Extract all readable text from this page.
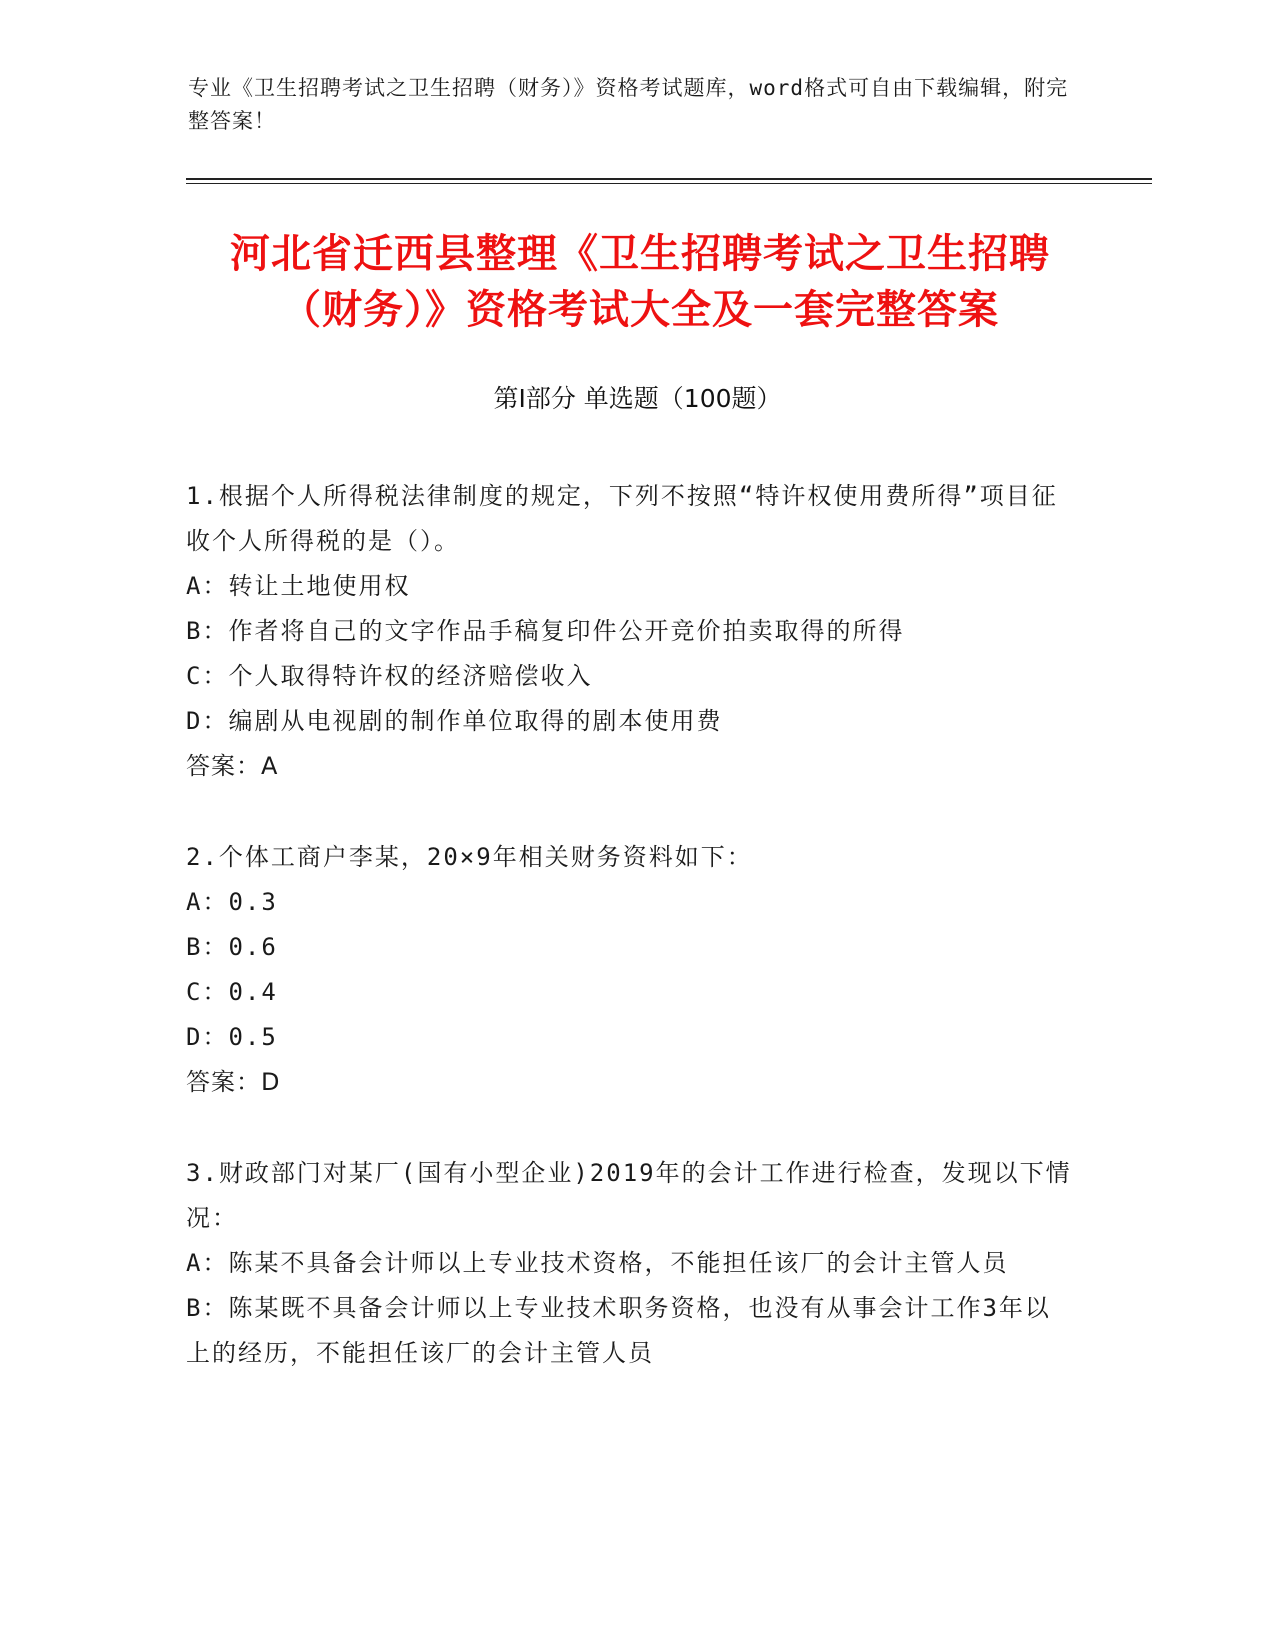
专业《卫生招聘考试之卫生招聘（财务）》资格考试题库，word格式可自由下载编辑，附完整答案！
河北省迁西县整理《卫生招聘考试之卫生招聘（财务）》资格考试大全及一套完整答案
第Ⅰ部分 单选题（100题）
1.根据个人所得税法律制度的规定，下列不按照“特许权使用费所得”项目征收个人所得税的是（）。
A：转让土地使用权
B：作者将自己的文字作品手稿复印件公开竞价拍卖取得的所得
C：个人取得特许权的经济赔偿收入
D：编剧从电视剧的制作单位取得的剧本使用费
答案：A
2.个体工商户李某，20×9年相关财务资料如下：
A：0.3
B：0.6
C：0.4
D：0.5
答案：D
3.财政部门对某厂(国有小型企业)2019年的会计工作进行检查，发现以下情况：
A：陈某不具备会计师以上专业技术资格，不能担任该厂的会计主管人员
B：陈某既不具备会计师以上专业技术职务资格，也没有从事会计工作3年以上的经历，不能担任该厂的会计主管人员
